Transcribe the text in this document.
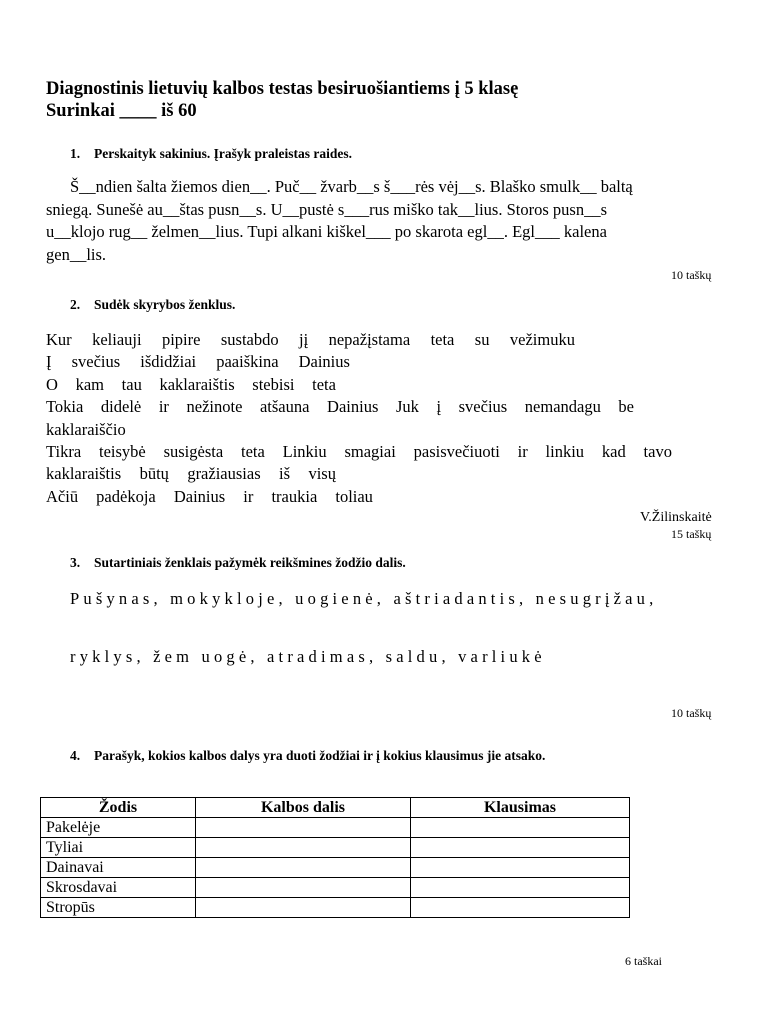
Diagnostinis lietuvių kalbos testas besiruošiantiems į 5 klasę
Surinkai ____ iš 60
1. Perskaityk sakinius. Įrašyk praleistas raides.
Š__ndien šalta žiemos dien__. Puč__ žvarb__s š___rės vėj__s. Blaško smulk__ baltą
sniegą. Sunešė au__štas pusn__s. U__pustė s___rus miško tak__lius. Storos pusn__s
u__klojo rug__ želmen__lius. Tupi alkani kiškel___ po skarota egl__. Egl___ kalena
gen__lis.
10 taškų
2. Sudėk skyrybos ženklus.
Kur keliauji pipire sustabdo jį nepažįstama teta su vežimuku
Į svečius išdidžiai paaiškina Dainius
O kam tau kaklaraištis stebisi teta
Tokia didelė ir nežinote atšauna Dainius Juk į svečius nemandagu be
kaklaraiščio
Tikra teisybė susigėsta teta Linkiu smagiai pasisvečiuoti ir linkiu kad tavo
kaklaraištis būtų gražiausias iš visų
Ačiū padėkoja Dainius ir traukia toliau
V.Žilinskaitė
15 taškų
3. Sutartiniais ženklais pažymėk reikšmines žodžio dalis.
Pušynas, mokykloje, uogienė, aštriadantis, nesugrįžau,
ryklys, žem uogė, atradimas, saldu, varliukė
10 taškų
4. Parašyk, kokios kalbos dalys yra duoti žodžiai ir į kokius klausimus jie atsako.
Žodis	Kalbos dalis	Klausimas
Pakelėje		
Tyliai		
Dainavai		
Skrosdavai		
Stropūs		
6 taškai
